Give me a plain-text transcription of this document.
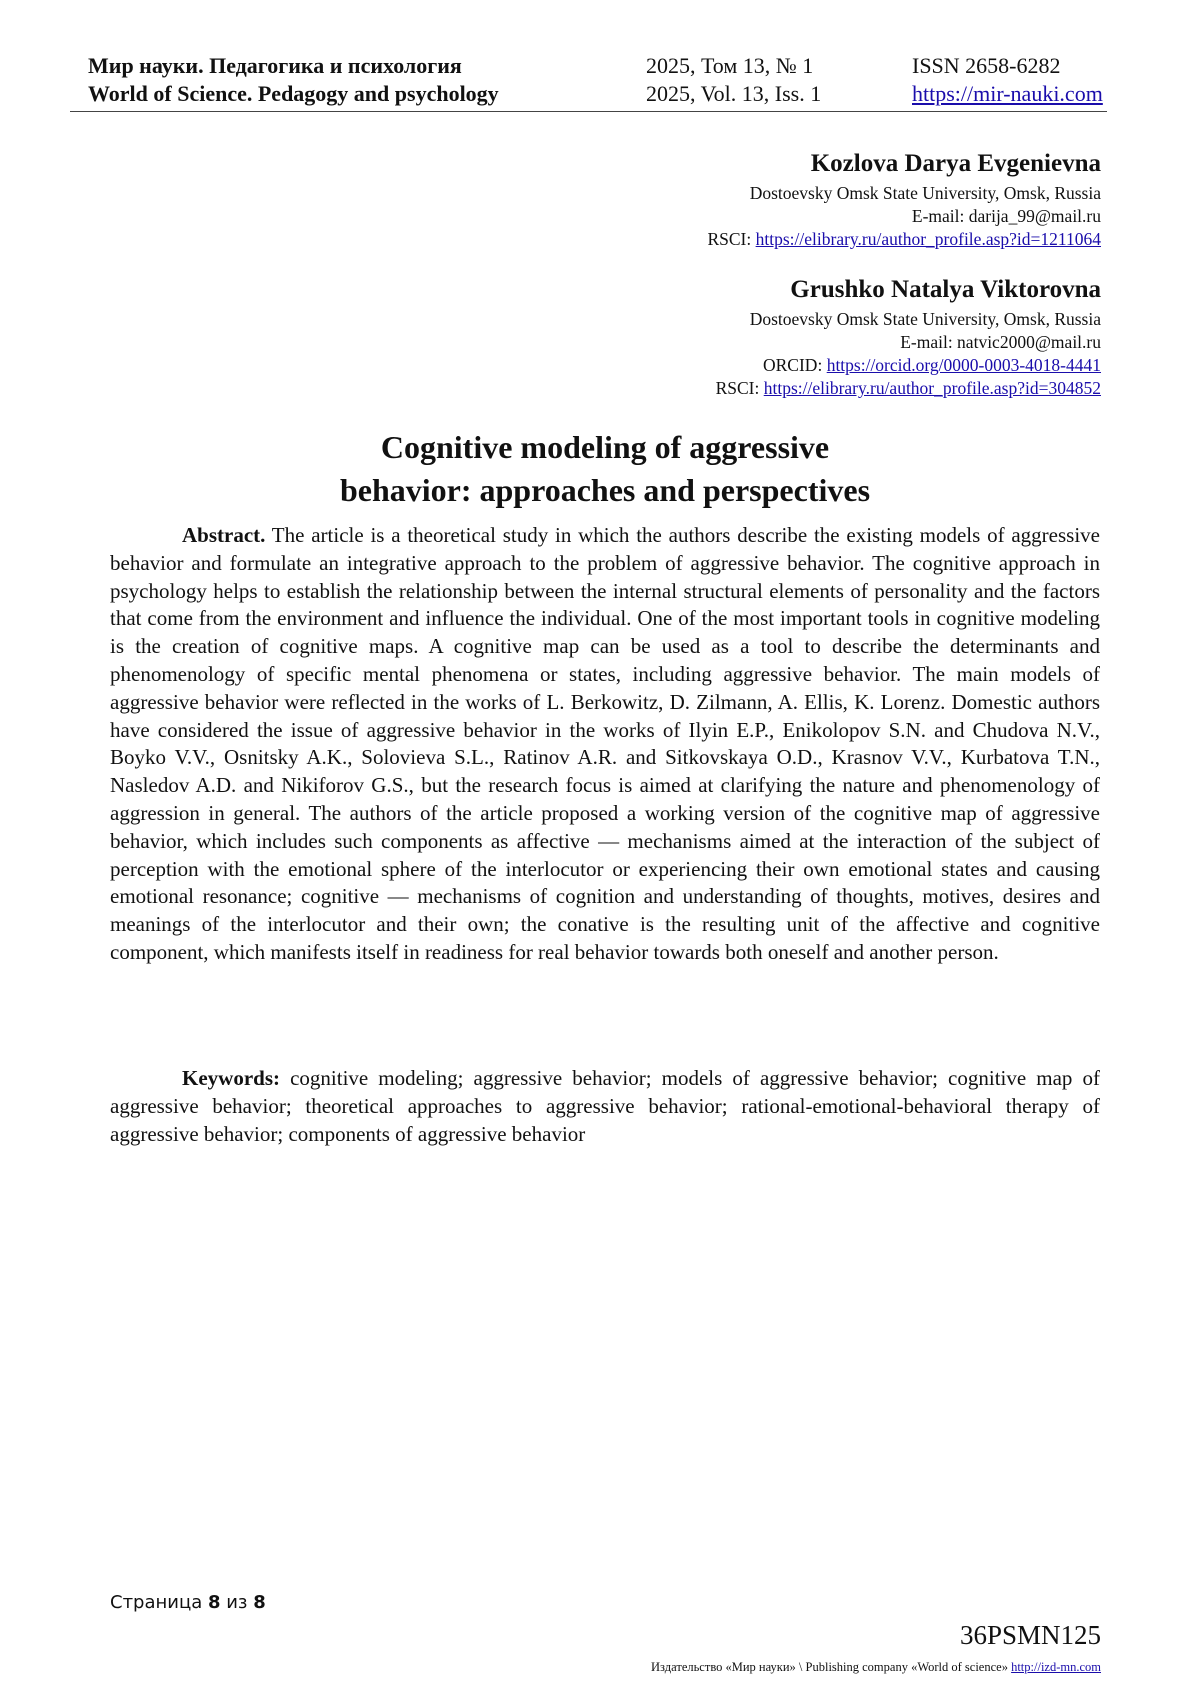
Мир науки. Педагогика и психология	2025, Том 13, № 1	ISSN 2658-6282
World of Science. Pedagogy and psychology	2025, Vol. 13, Iss. 1	https://mir-nauki.com
Kozlova Darya Evgenievna
Dostoevsky Omsk State University, Omsk, Russia
E-mail: darija_99@mail.ru
RSCI: https://elibrary.ru/author_profile.asp?id=1211064
Grushko Natalya Viktorovna
Dostoevsky Omsk State University, Omsk, Russia
E-mail: natvic2000@mail.ru
ORCID: https://orcid.org/0000-0003-4018-4441
RSCI: https://elibrary.ru/author_profile.asp?id=304852
Cognitive modeling of aggressive
behavior: approaches and perspectives
Abstract. The article is a theoretical study in which the authors describe the existing models of aggressive behavior and formulate an integrative approach to the problem of aggressive behavior. The cognitive approach in psychology helps to establish the relationship between the internal structural elements of personality and the factors that come from the environment and influence the individual. One of the most important tools in cognitive modeling is the creation of cognitive maps. A cognitive map can be used as a tool to describe the determinants and phenomenology of specific mental phenomena or states, including aggressive behavior. The main models of aggressive behavior were reflected in the works of L. Berkowitz, D. Zilmann, A. Ellis, K. Lorenz. Domestic authors have considered the issue of aggressive behavior in the works of Ilyin E.P., Enikolopov S.N. and Chudova N.V., Boyko V.V., Osnitsky A.K., Solovieva S.L., Ratinov A.R. and Sitkovskaya O.D., Krasnov V.V., Kurbatova T.N., Nasledov A.D. and Nikiforov G.S., but the research focus is aimed at clarifying the nature and phenomenology of aggression in general. The authors of the article proposed a working version of the cognitive map of aggressive behavior, which includes such components as affective — mechanisms aimed at the interaction of the subject of perception with the emotional sphere of the interlocutor or experiencing their own emotional states and causing emotional resonance; cognitive — mechanisms of cognition and understanding of thoughts, motives, desires and meanings of the interlocutor and their own; the conative is the resulting unit of the affective and cognitive component, which manifests itself in readiness for real behavior towards both oneself and another person.
Keywords: cognitive modeling; aggressive behavior; models of aggressive behavior; cognitive map of aggressive behavior; theoretical approaches to aggressive behavior; rational-emotional-behavioral therapy of aggressive behavior; components of aggressive behavior
Страница 8 из 8
36PSMN125
Издательство «Мир науки» \ Publishing company «World of science» http://izd-mn.com
